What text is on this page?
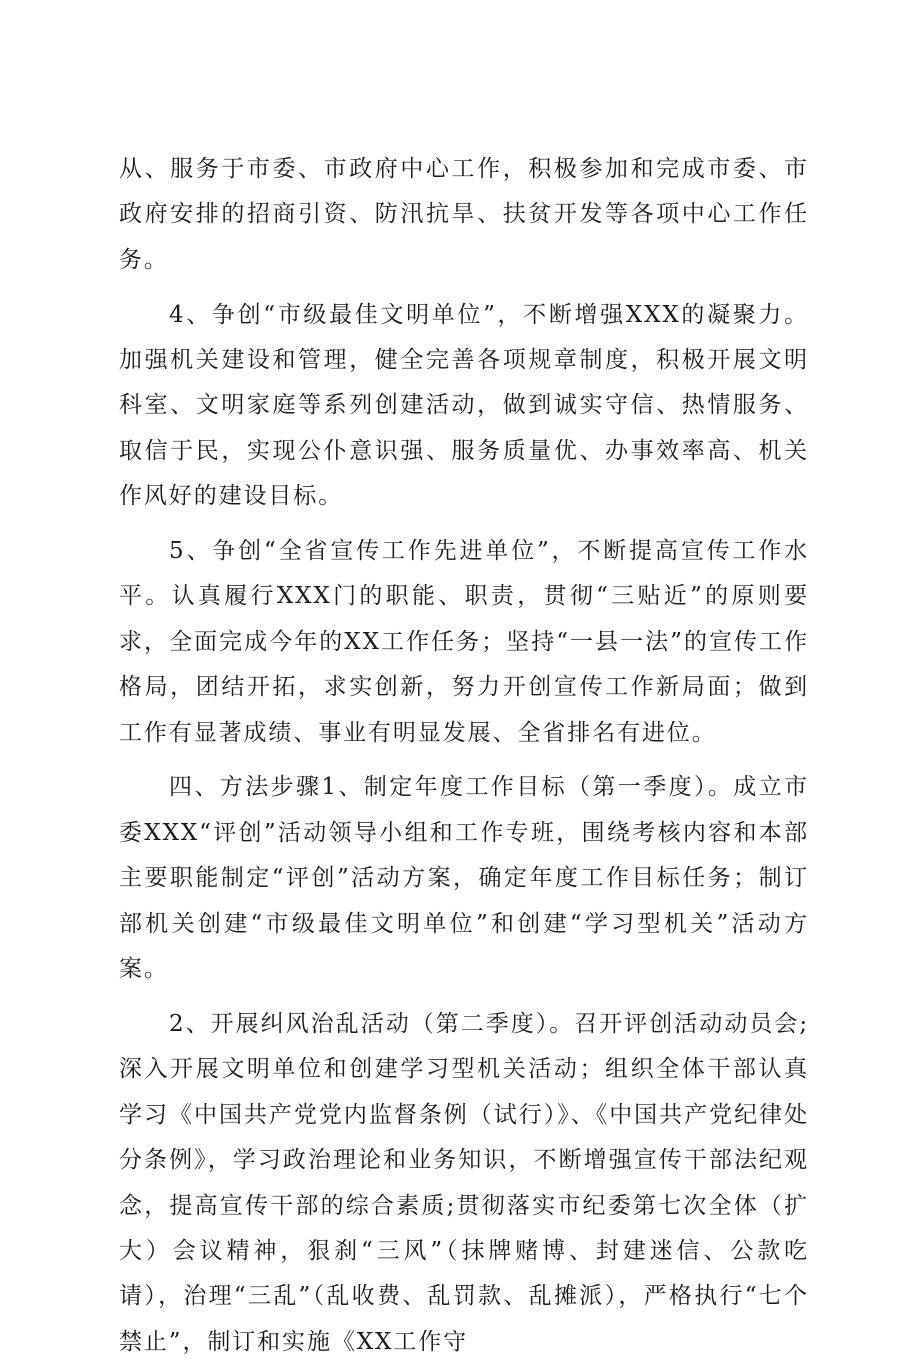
从、服务于市委、市政府中心工作，积极参加和完成市委、市政府安排的招商引资、防汛抗旱、扶贫开发等各项中心工作任务。

4、争创“市级最佳文明单位”，不断增强XXX的凝聚力。加强机关建设和管理，健全完善各项规章制度，积极开展文明科室、文明家庭等系列创建活动，做到诚实守信、热情服务、取信于民，实现公仆意识强、服务质量优、办事效率高、机关作风好的建设目标。

5、争创“全省宣传工作先进单位”，不断提高宣传工作水平。认真履行XXX门的职能、职责，贯彻“三贴近”的原则要求，全面完成今年的XX工作任务；坚持“一县一法”的宣传工作格局，团结开拓，求实创新，努力开创宣传工作新局面；做到工作有显著成绩、事业有明显发展、全省排名有进位。

四、方法步骤1、制定年度工作目标（第一季度）。成立市委XXX“评创”活动领导小组和工作专班，围绕考核内容和本部主要职能制定“评创”活动方案，确定年度工作目标任务；制订部机关创建“市级最佳文明单位”和创建“学习型机关”活动方案。

2、开展纠风治乱活动（第二季度）。召开评创活动动员会;深入开展文明单位和创建学习型机关活动；组织全体干部认真学习《中国共产党党内监督条例（试行）》、《中国共产党纪律处分条例》，学习政治理论和业务知识，不断增强宣传干部法纪观念，提高宣传干部的综合素质;贯彻落实市纪委第七次全体（扩大）会议精神，狠刹“三风”（抹牌赌博、封建迷信、公款吃请），治理“三乱”（乱收费、乱罚款、乱摊派），严格执行“七个禁止”，制订和实施《XX工作守
